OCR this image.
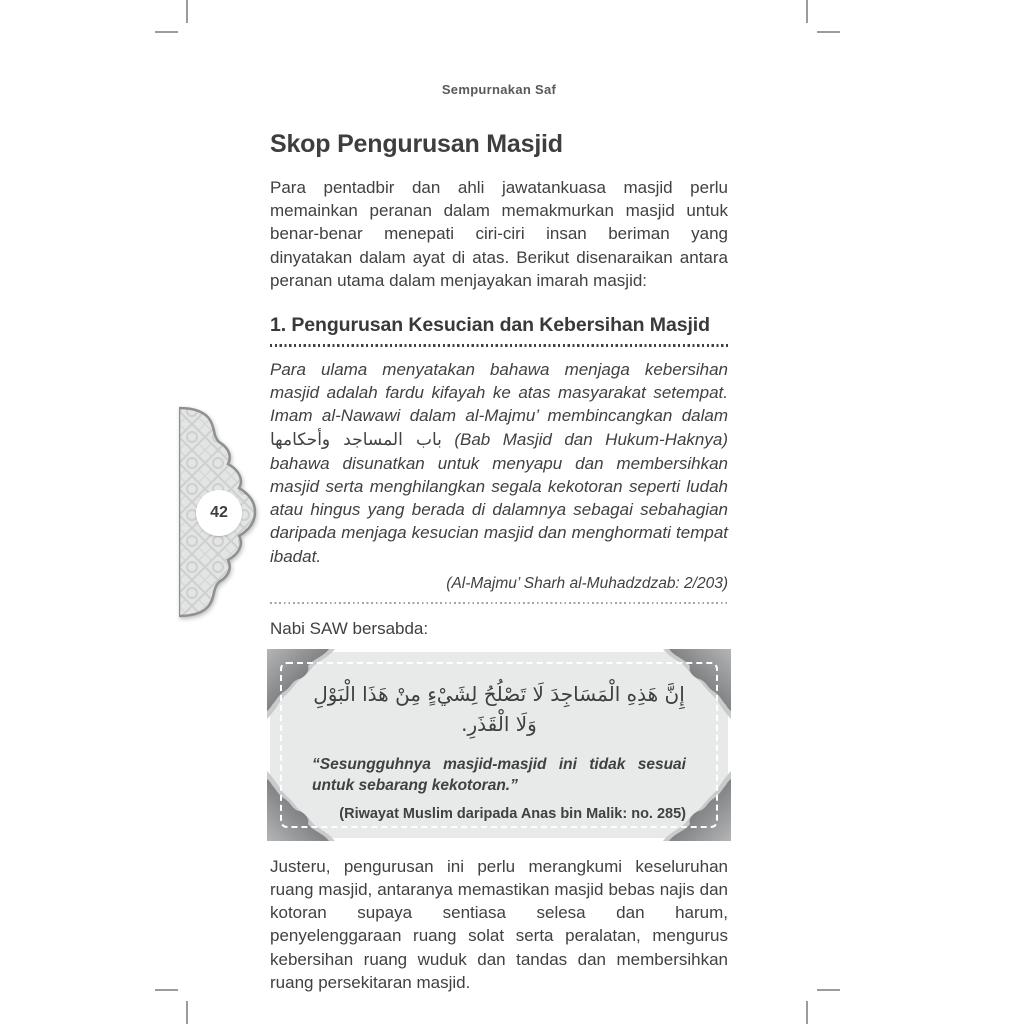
Sempurnakan Saf
42
Skop Pengurusan Masjid

Para pentadbir dan ahli jawatankuasa masjid perlu memainkan peranan dalam memakmurkan masjid untuk benar-benar menepati ciri-ciri insan beriman yang dinyatakan dalam ayat di atas. Berikut disenaraikan antara peranan utama dalam menjayakan imarah masjid:

1. Pengurusan Kesucian dan Kebersihan Masjid

Para ulama menyatakan bahawa menjaga kebersihan masjid adalah fardu kifayah ke atas masyarakat setempat. Imam al-Nawawi dalam al-Majmu’ membincangkan dalam باب المساجد وأحكامها (Bab Masjid dan Hukum-Haknya) bahawa disunatkan untuk menyapu dan membersihkan masjid serta menghilangkan segala kekotoran seperti ludah atau hingus yang berada di dalamnya sebagai sebahagian daripada menjaga kesucian masjid dan menghormati tempat ibadat.

(Al-Majmu’ Sharh al-Muhadzdzab: 2/203)

Nabi SAW bersabda:

إِنَّ هَذِهِ الْمَسَاجِدَ لَا تَصْلُحُ لِشَيْءٍ مِنْ هَذَا الْبَوْلِ وَلَا الْقَذَرِ.

“Sesungguhnya masjid-masjid ini tidak sesuai untuk sebarang kekotoran.”

(Riwayat Muslim daripada Anas bin Malik: no. 285)

Justeru, pengurusan ini perlu merangkumi keseluruhan ruang masjid, antaranya memastikan masjid bebas najis dan kotoran supaya sentiasa selesa dan harum, penyelenggaraan ruang solat serta peralatan, mengurus kebersihan ruang wuduk dan tandas dan membersihkan ruang persekitaran masjid.
